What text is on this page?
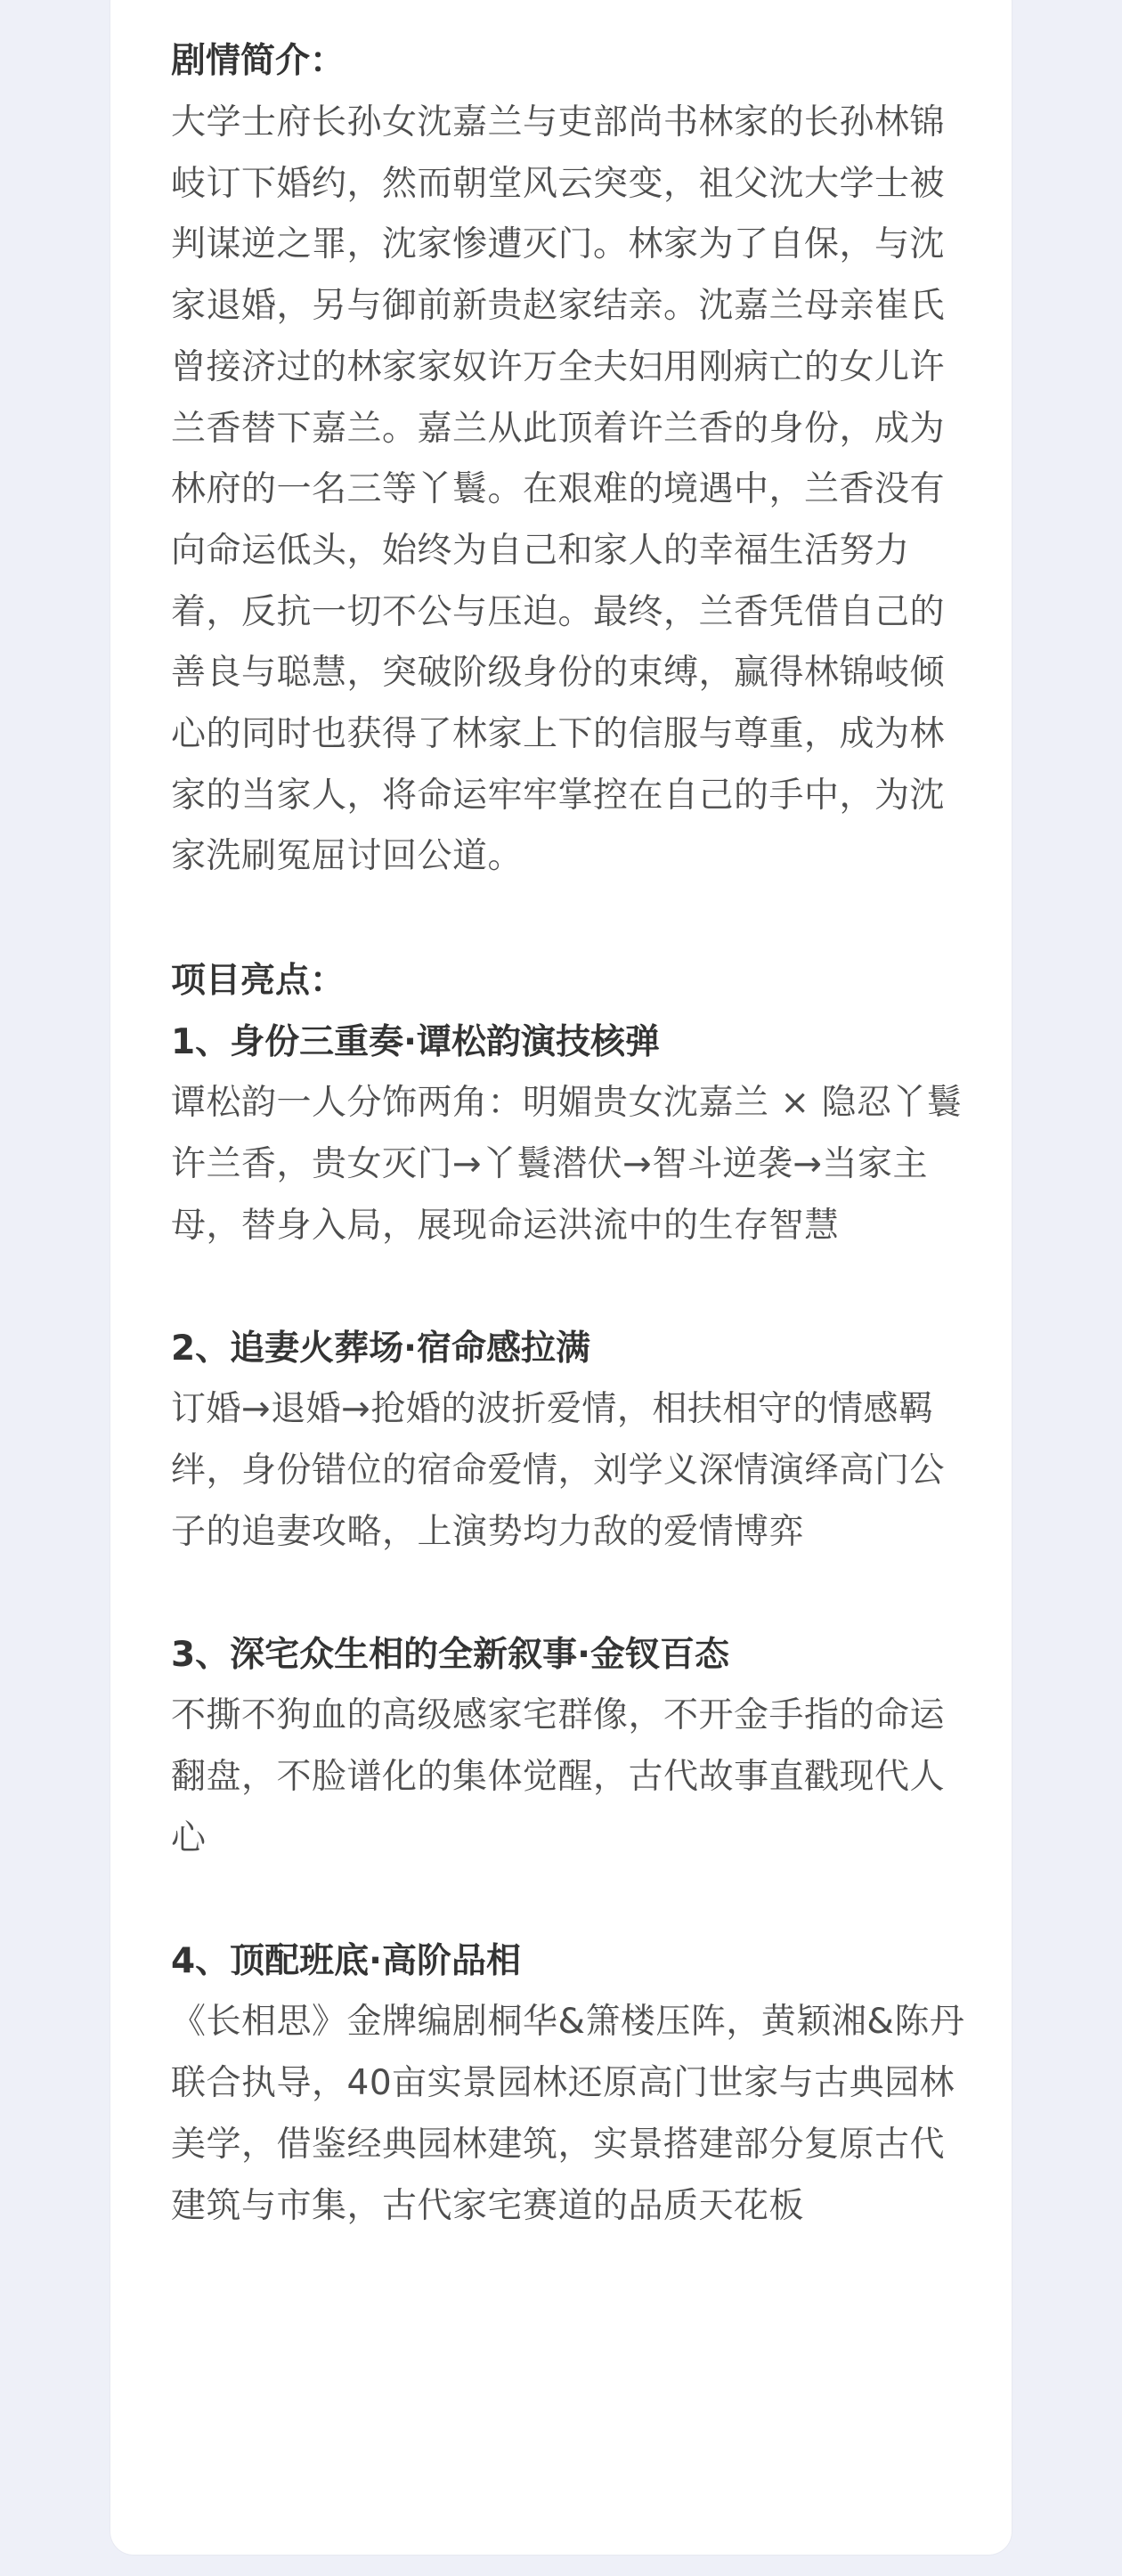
剧情简介：

大学士府长孙女沈嘉兰与吏部尚书林家的长孙林锦岐订下婚约，然而朝堂风云突变，祖父沈大学士被判谋逆之罪，沈家惨遭灭门。林家为了自保，与沈家退婚，另与御前新贵赵家结亲。沈嘉兰母亲崔氏曾接济过的林家家奴许万全夫妇用刚病亡的女儿许兰香替下嘉兰。嘉兰从此顶着许兰香的身份，成为林府的一名三等丫鬟。在艰难的境遇中，兰香没有向命运低头，始终为自己和家人的幸福生活努力着，反抗一切不公与压迫。最终，兰香凭借自己的善良与聪慧，突破阶级身份的束缚，赢得林锦岐倾心的同时也获得了林家上下的信服与尊重，成为林家的当家人，将命运牢牢掌控在自己的手中，为沈家洗刷冤屈讨回公道。

项目亮点：

1、身份三重奏·谭松韵演技核弹

谭松韵一人分饰两角：明媚贵女沈嘉兰 × 隐忍丫鬟许兰香，贵女灭门→丫鬟潜伏→智斗逆袭→当家主母，替身入局，展现命运洪流中的生存智慧

2、追妻火葬场·宿命感拉满

订婚→退婚→抢婚的波折爱情，相扶相守的情感羁绊，身份错位的宿命爱情，刘学义深情演绎高门公子的追妻攻略，上演势均力敌的爱情博弈

3、深宅众生相的全新叙事·金钗百态

不撕不狗血的高级感家宅群像，不开金手指的命运翻盘，不脸谱化的集体觉醒，古代故事直戳现代人心

4、顶配班底·高阶品相

《长相思》金牌编剧桐华&箫楼压阵，黄颖湘&陈丹联合执导，40亩实景园林还原高门世家与古典园林美学，借鉴经典园林建筑，实景搭建部分复原古代建筑与市集，古代家宅赛道的品质天花板
